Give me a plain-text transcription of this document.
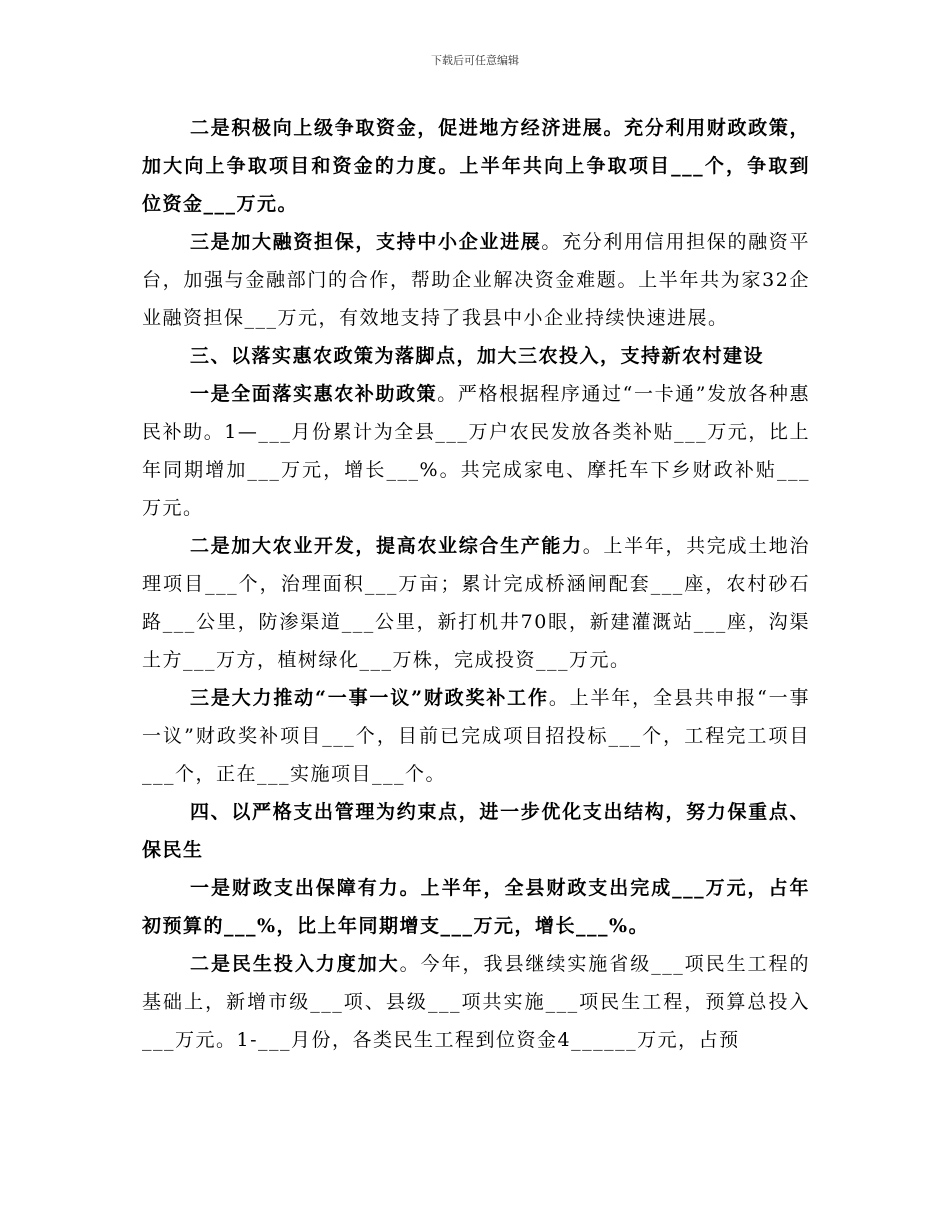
下载后可任意编辑

二是积极向上级争取资金，促进地方经济进展。充分利用财政政策，加大向上争取项目和资金的力度。上半年共向上争取项目___个，争取到位资金___万元。

三是加大融资担保，支持中小企业进展。充分利用信用担保的融资平台，加强与金融部门的合作，帮助企业解决资金难题。上半年共为家32企业融资担保___万元，有效地支持了我县中小企业持续快速进展。

三、以落实惠农政策为落脚点，加大三农投入，支持新农村建设

一是全面落实惠农补助政策。严格根据程序通过“一卡通”发放各种惠民补助。1—___月份累计为全县___万户农民发放各类补贴___万元，比上年同期增加___万元，增长___%。共完成家电、摩托车下乡财政补贴___万元。

二是加大农业开发，提高农业综合生产能力。上半年，共完成土地治理项目___个，治理面积___万亩；累计完成桥涵闸配套___座，农村砂石路___公里，防渗渠道___公里，新打机井70眼，新建灌溉站___座，沟渠土方___万方，植树绿化___万株，完成投资___万元。

三是大力推动“一事一议”财政奖补工作。上半年，全县共申报“一事一议”财政奖补项目___个，目前已完成项目招投标___个，工程完工项目___个，正在___实施项目___个。

四、以严格支出管理为约束点，进一步优化支出结构，努力保重点、保民生

一是财政支出保障有力。上半年，全县财政支出完成___万元，占年初预算的___%，比上年同期增支___万元，增长___%。

二是民生投入力度加大。今年，我县继续实施省级___项民生工程的基础上，新增市级___项、县级___项共实施___项民生工程，预算总投入___万元。1-___月份，各类民生工程到位资金4______万元，占预
